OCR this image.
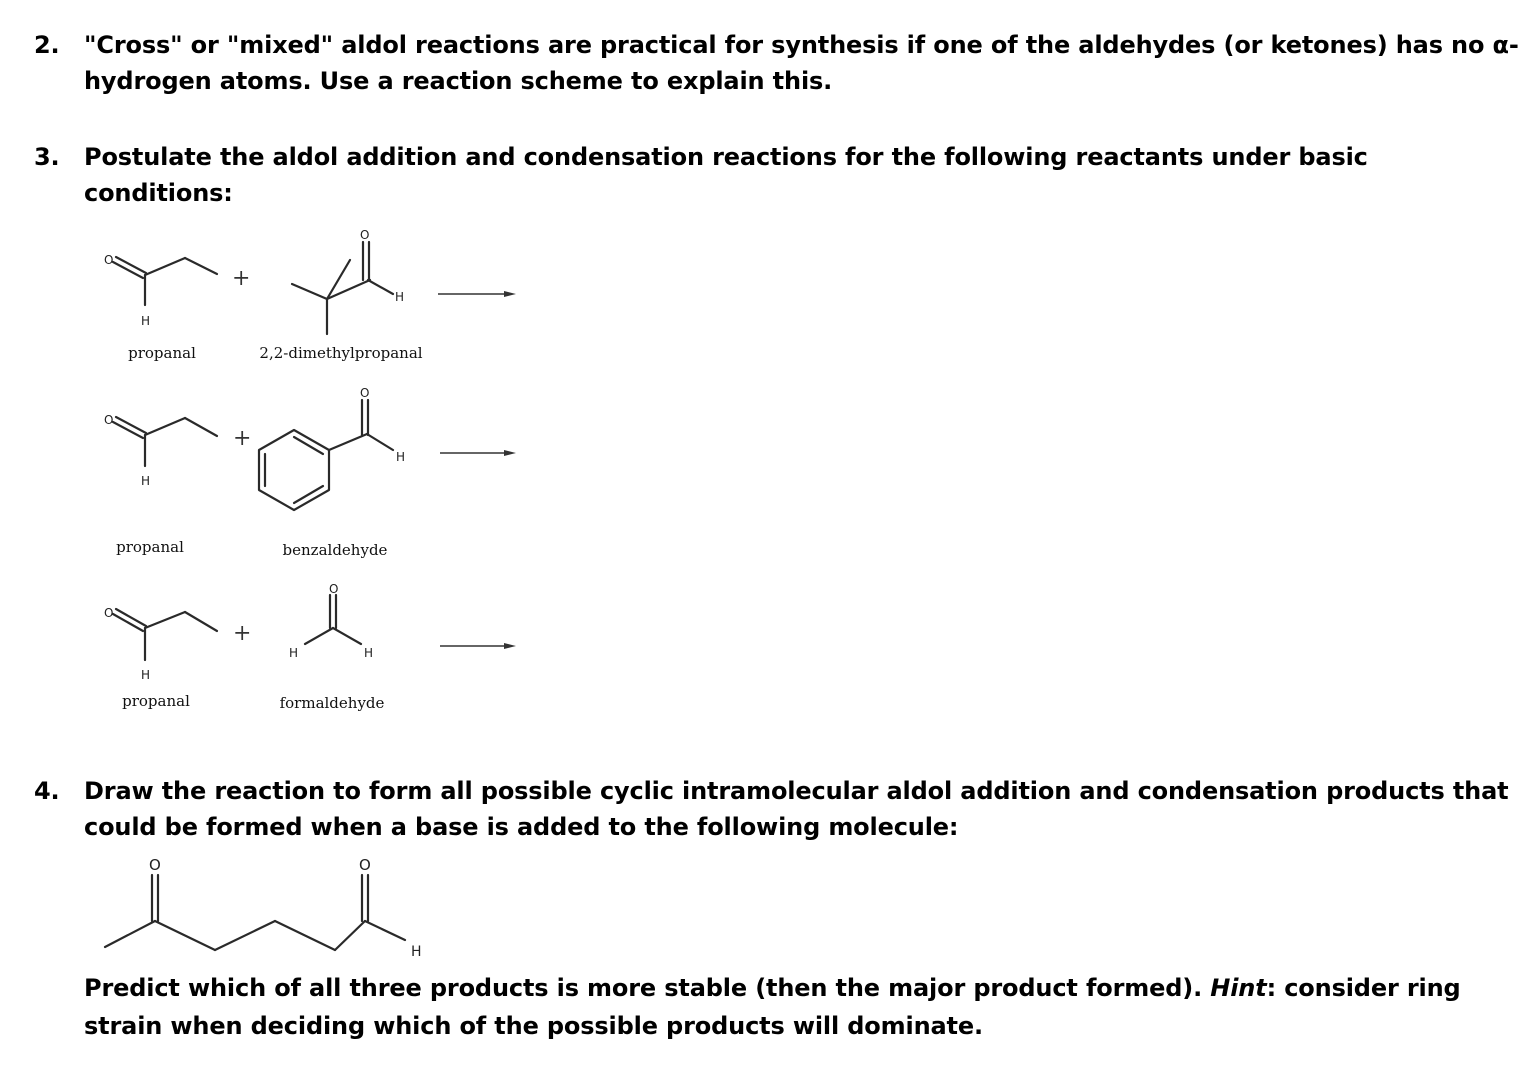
2. "Cross" or "mixed" aldol reactions are practical for synthesis if one of the aldehydes (or ketones) has no α-
hydrogen atoms. Use a reaction scheme to explain this.
3. Postulate the aldol addition and condensation reactions for the following reactants under basic
conditions:
O
H
+
O
H
propanal	2,2-dimethylpropanal
O
H
+
O
H
propanal	benzaldehyde
O
H
+
O
H	H
propanal	formaldehyde
O	O
H
4. Draw the reaction to form all possible cyclic intramolecular aldol addition and condensation products that
could be formed when a base is added to the following molecule:
Predict which of all three products is more stable (then the major product formed). Hint: consider ring
strain when deciding which of the possible products will dominate.
